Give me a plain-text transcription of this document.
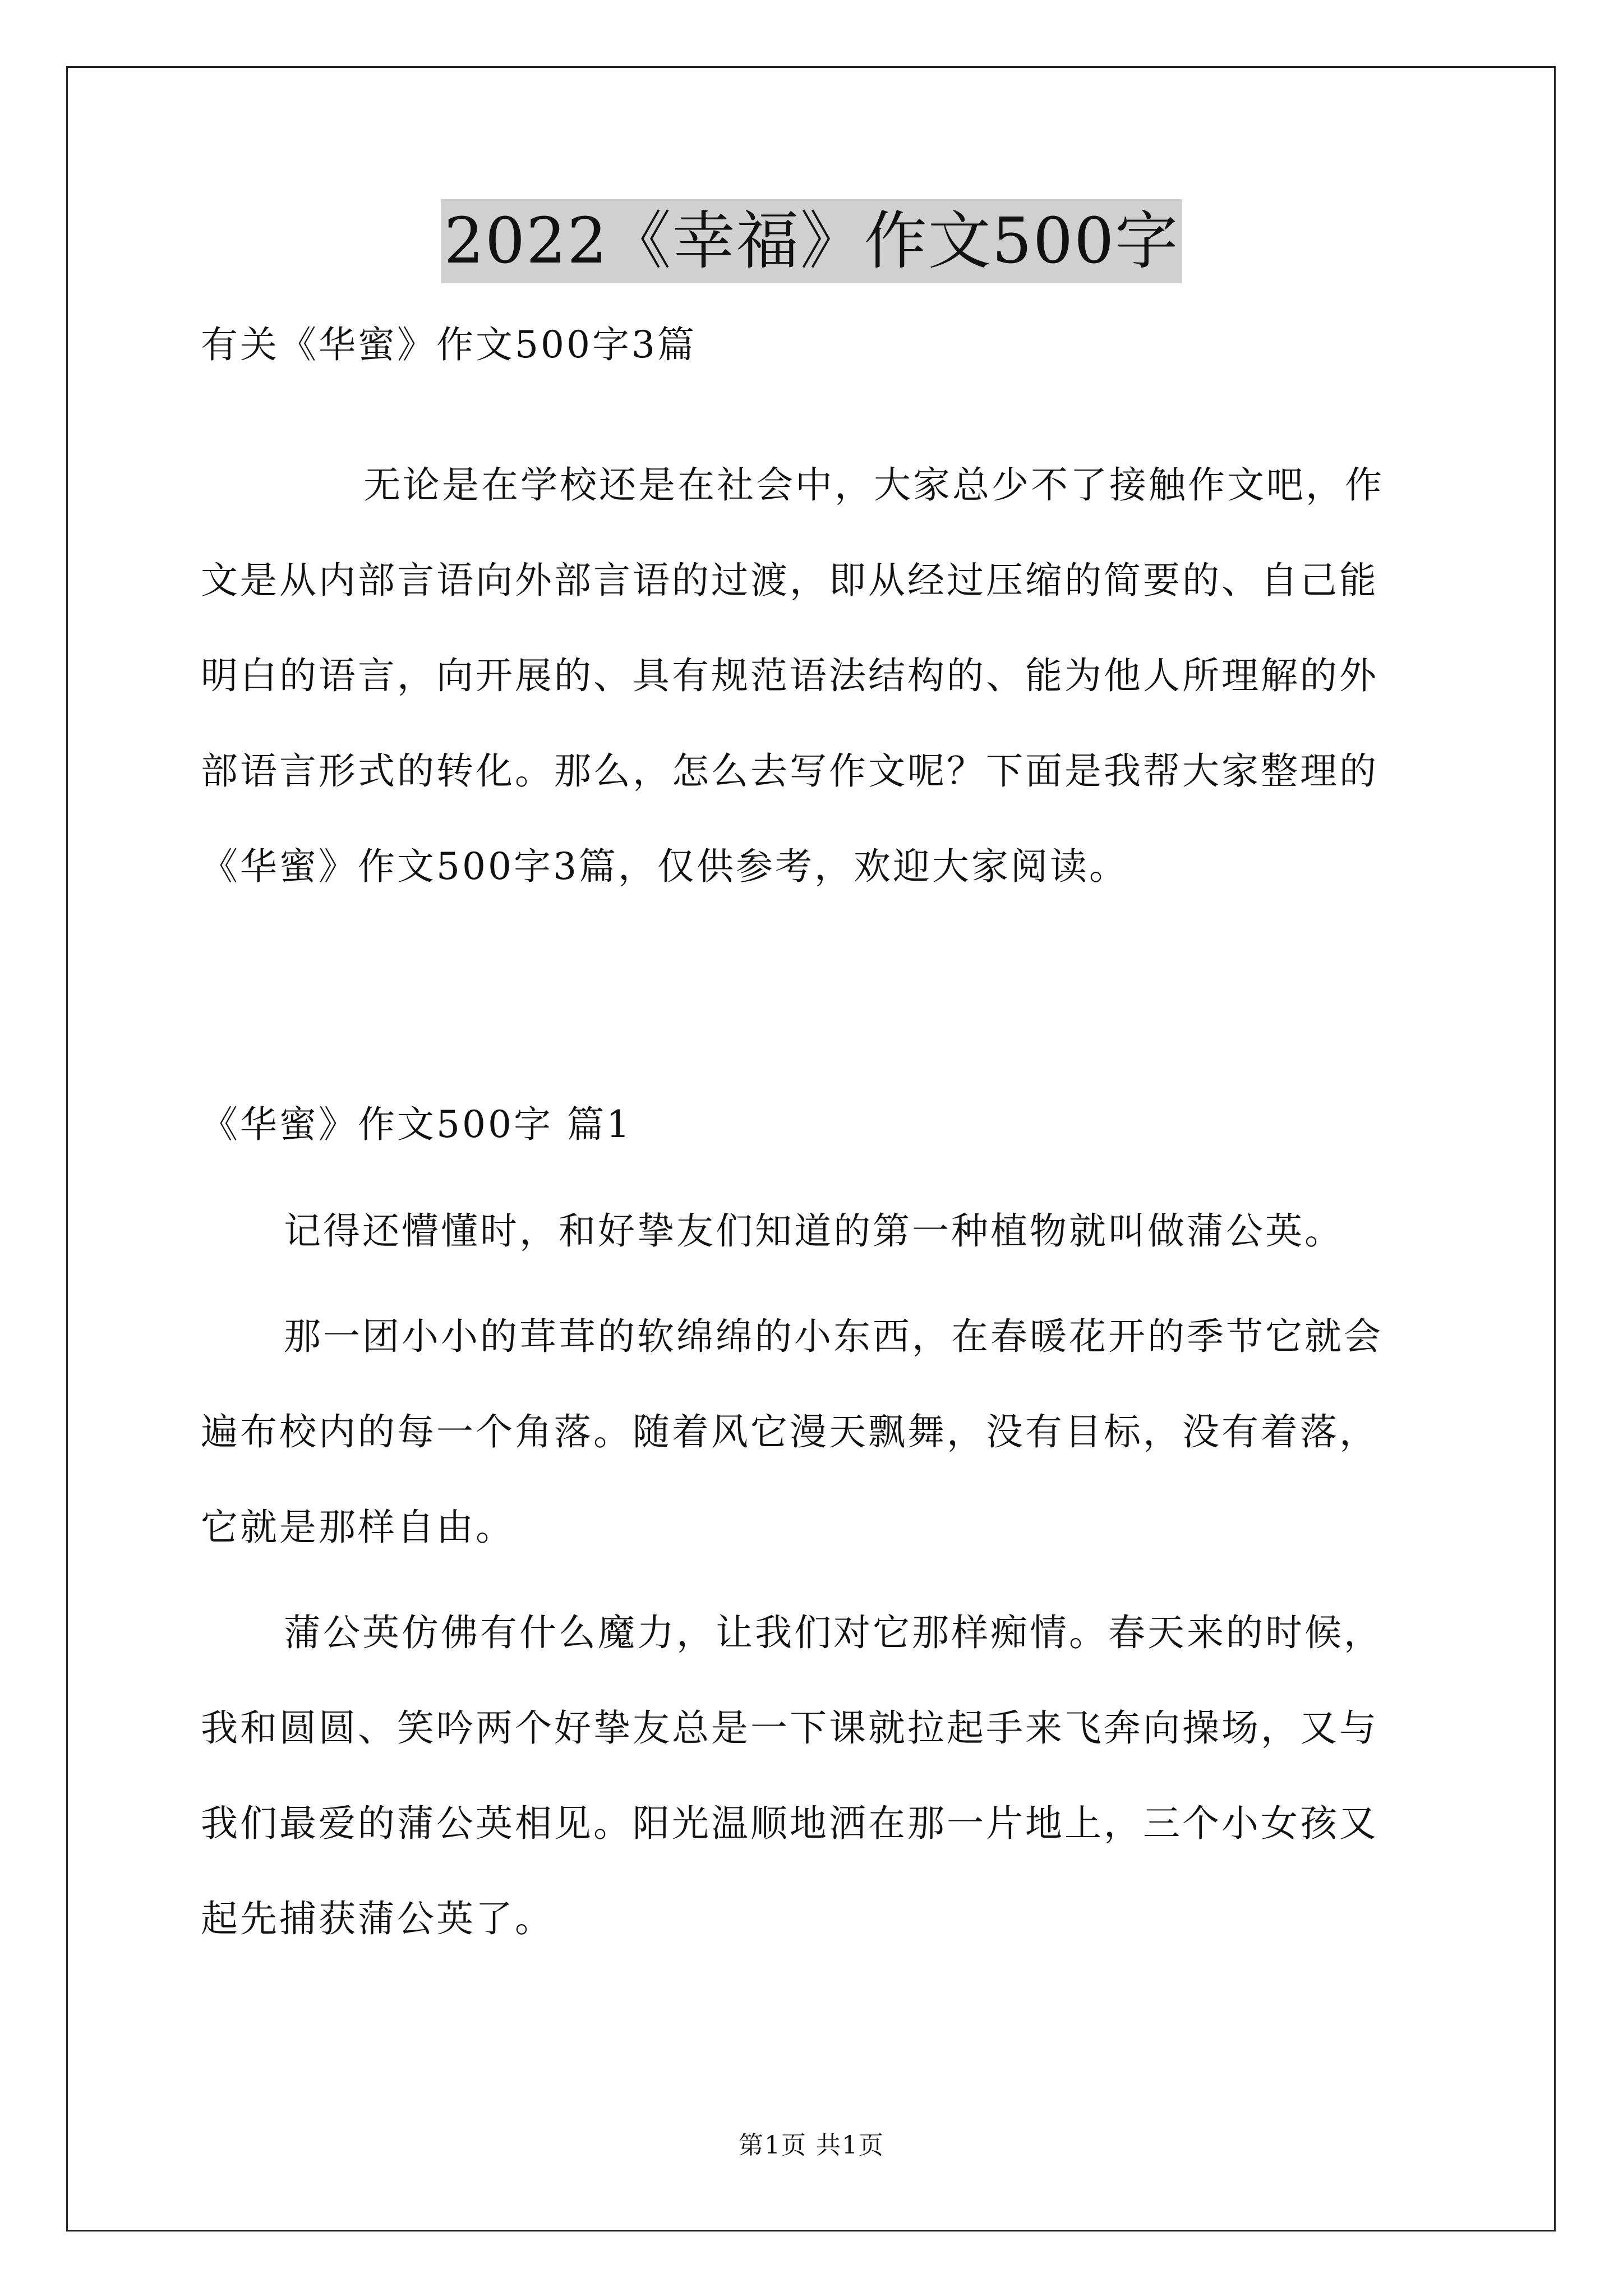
2022《幸福》作文500字

有关《华蜜》作文500字3篇

无论是在学校还是在社会中，大家总少不了接触作文吧，作
文是从内部言语向外部言语的过渡，即从经过压缩的简要的、自己能
明白的语言，向开展的、具有规范语法结构的、能为他人所理解的外
部语言形式的转化。那么，怎么去写作文呢？下面是我帮大家整理的
《华蜜》作文500字3篇，仅供参考，欢迎大家阅读。

《华蜜》作文500字 篇1

记得还懵懂时，和好挚友们知道的第一种植物就叫做蒲公英。
那一团小小的茸茸的软绵绵的小东西，在春暖花开的季节它就会
遍布校内的每一个角落。随着风它漫天飘舞，没有目标，没有着落，
它就是那样自由。
蒲公英仿佛有什么魔力，让我们对它那样痴情。春天来的时候，
我和圆圆、笑吟两个好挚友总是一下课就拉起手来飞奔向操场，又与
我们最爱的蒲公英相见。阳光温顺地洒在那一片地上，三个小女孩又
起先捕获蒲公英了。
第1页 共1页
